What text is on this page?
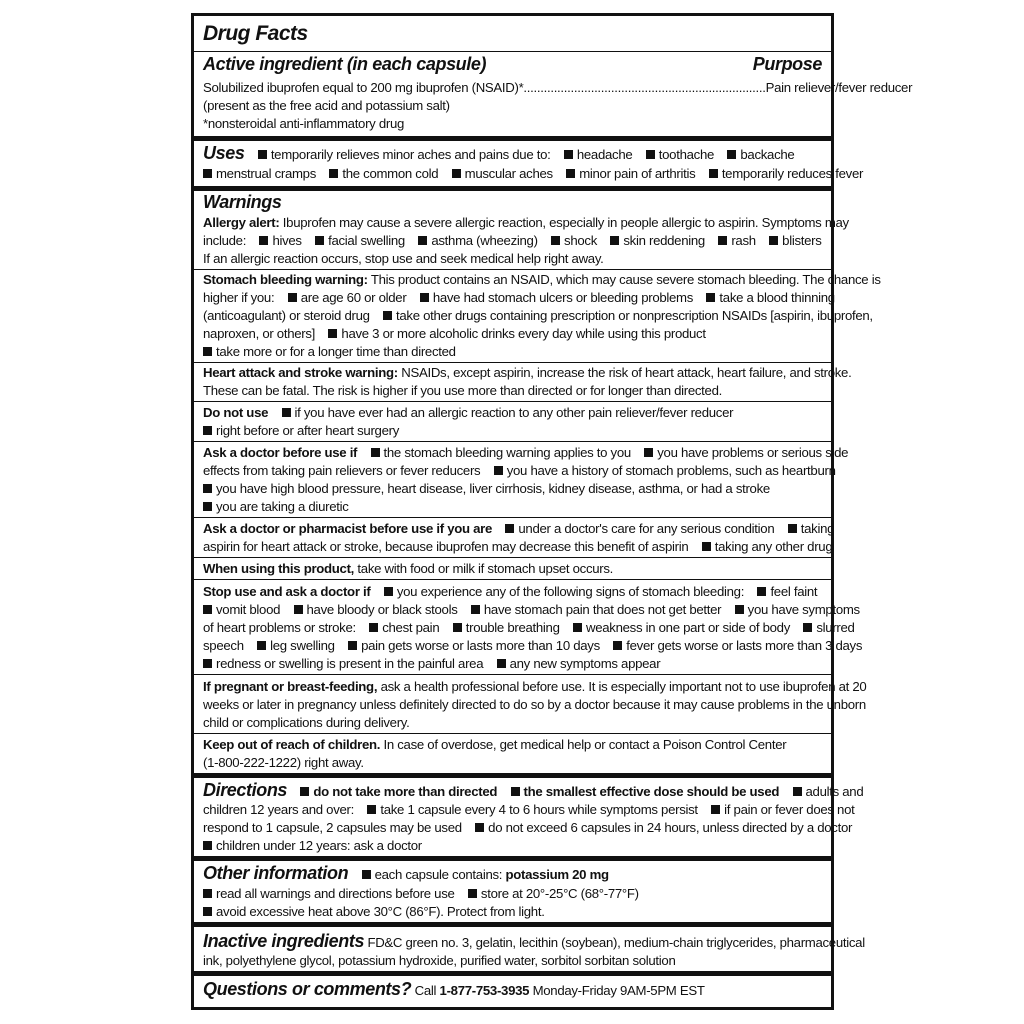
Drug Facts
Active ingredient (in each capsule)	Purpose
Solubilized ibuprofen equal to 200 mg ibuprofen (NSAID)* ........................................................................ Pain reliever/fever reducer
(present as the free acid and potassium salt)
*nonsteroidal anti-inflammatory drug
Uses temporarily relieves minor aches and pains due to: headache toothache backache
menstrual cramps the common cold muscular aches minor pain of arthritis temporarily reduces fever
Warnings
Allergy alert: Ibuprofen may cause a severe allergic reaction, especially in people allergic to aspirin. Symptoms may
include: hives facial swelling asthma (wheezing) shock skin reddening rash blisters
If an allergic reaction occurs, stop use and seek medical help right away.
Stomach bleeding warning: This product contains an NSAID, which may cause severe stomach bleeding. The chance is
higher if you: are age 60 or older have had stomach ulcers or bleeding problems take a blood thinning
(anticoagulant) or steroid drug take other drugs containing prescription or nonprescription NSAIDs [aspirin, ibuprofen,
naproxen, or others] have 3 or more alcoholic drinks every day while using this product
take more or for a longer time than directed
Heart attack and stroke warning: NSAIDs, except aspirin, increase the risk of heart attack, heart failure, and stroke.
These can be fatal. The risk is higher if you use more than directed or for longer than directed.
Do not use if you have ever had an allergic reaction to any other pain reliever/fever reducer
right before or after heart surgery
Ask a doctor before use if the stomach bleeding warning applies to you you have problems or serious side
effects from taking pain relievers or fever reducers you have a history of stomach problems, such as heartburn
you have high blood pressure, heart disease, liver cirrhosis, kidney disease, asthma, or had a stroke
you are taking a diuretic
Ask a doctor or pharmacist before use if you are under a doctor's care for any serious condition taking
aspirin for heart attack or stroke, because ibuprofen may decrease this benefit of aspirin taking any other drug
When using this product, take with food or milk if stomach upset occurs.
Stop use and ask a doctor if you experience any of the following signs of stomach bleeding: feel faint
vomit blood have bloody or black stools have stomach pain that does not get better you have symptoms
of heart problems or stroke: chest pain trouble breathing weakness in one part or side of body slurred
speech leg swelling pain gets worse or lasts more than 10 days fever gets worse or lasts more than 3 days
redness or swelling is present in the painful area any new symptoms appear
If pregnant or breast-feeding, ask a health professional before use. It is especially important not to use ibuprofen at 20
weeks or later in pregnancy unless definitely directed to do so by a doctor because it may cause problems in the unborn
child or complications during delivery.
Keep out of reach of children. In case of overdose, get medical help or contact a Poison Control Center
(1-800-222-1222) right away.
Directions do not take more than directed the smallest effective dose should be used adults and
children 12 years and over: take 1 capsule every 4 to 6 hours while symptoms persist if pain or fever does not
respond to 1 capsule, 2 capsules may be used do not exceed 6 capsules in 24 hours, unless directed by a doctor
children under 12 years: ask a doctor
Other information each capsule contains: potassium 20 mg
read all warnings and directions before use store at 20°-25°C (68°-77°F)
avoid excessive heat above 30°C (86°F). Protect from light.
Inactive ingredients FD&C green no. 3, gelatin, lecithin (soybean), medium-chain triglycerides, pharmaceutical
ink, polyethylene glycol, potassium hydroxide, purified water, sorbitol sorbitan solution
Questions or comments? Call 1-877-753-3935 Monday-Friday 9AM-5PM EST
